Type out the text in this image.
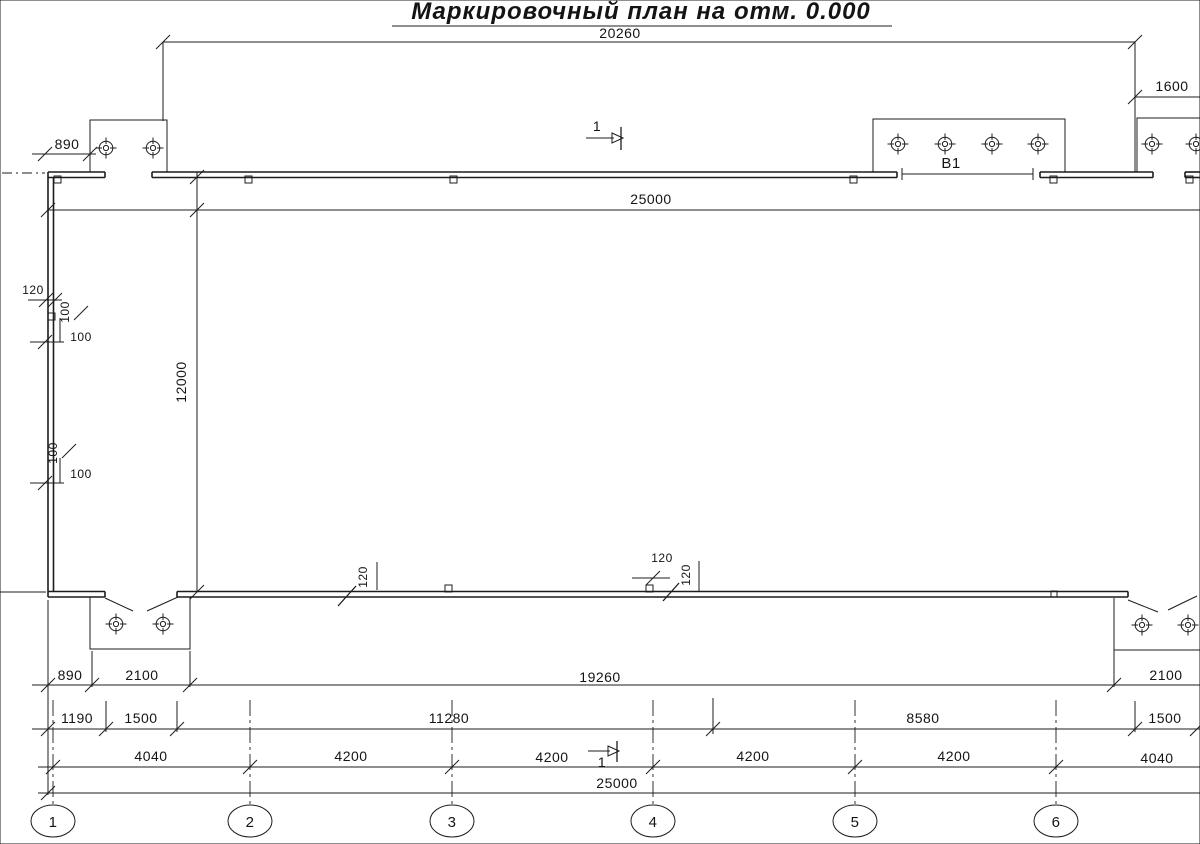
Маркировочный план на отм. 0.000
20260
1600
25000
890
В1
1
1
12000
120
100
100
100
100
120
120
120
890	2100	19260	2100
1190 1500	11280	8580	1500
4040	4200	4200	4200	4200	4040
25000
1	2	3	4	5	6
